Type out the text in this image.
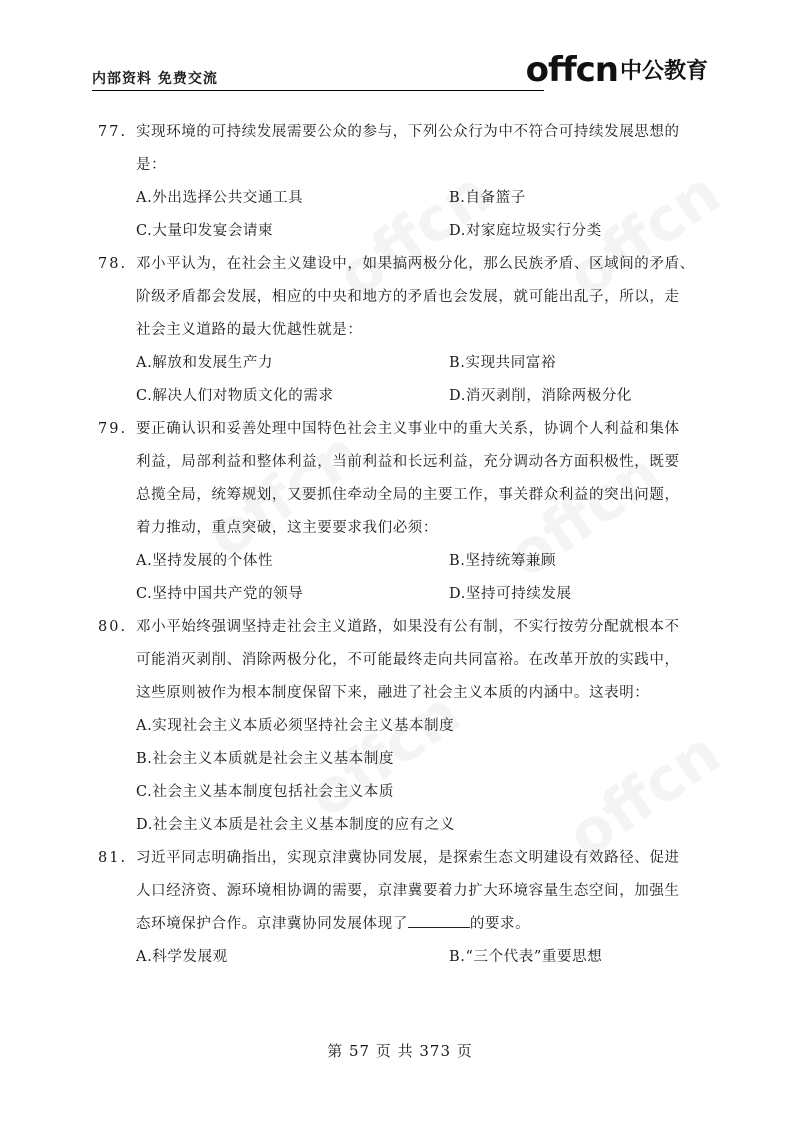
内部资料 免费交流	offcn 中公教育
77. 实现环境的可持续发展需要公众的参与，下列公众行为中不符合可持续发展思想的
是：
A.外出选择公共交通工具	B.自备篮子
C.大量印发宴会请柬	D.对家庭垃圾实行分类
78. 邓小平认为，在社会主义建设中，如果搞两极分化，那么民族矛盾、区域间的矛盾、
阶级矛盾都会发展，相应的中央和地方的矛盾也会发展，就可能出乱子，所以，走
社会主义道路的最大优越性就是：
A.解放和发展生产力	B.实现共同富裕
C.解决人们对物质文化的需求	D.消灭剥削，消除两极分化
79. 要正确认识和妥善处理中国特色社会主义事业中的重大关系，协调个人利益和集体
利益，局部利益和整体利益，当前利益和长远利益，充分调动各方面积极性，既要
总揽全局，统筹规划，又要抓住牵动全局的主要工作，事关群众利益的突出问题，
着力推动，重点突破，这主要要求我们必须：
A.坚持发展的个体性	B.坚持统筹兼顾
C.坚持中国共产党的领导	D.坚持可持续发展
80. 邓小平始终强调坚持走社会主义道路，如果没有公有制，不实行按劳分配就根本不
可能消灭剥削、消除两极分化，不可能最终走向共同富裕。在改革开放的实践中，
这些原则被作为根本制度保留下来，融进了社会主义本质的内涵中。这表明：
A.实现社会主义本质必须坚持社会主义基本制度
B.社会主义本质就是社会主义基本制度
C.社会主义基本制度包括社会主义本质
D.社会主义本质是社会主义基本制度的应有之义
81. 习近平同志明确指出，实现京津冀协同发展，是探索生态文明建设有效路径、促进
人口经济资、源环境相协调的需要，京津冀要着力扩大环境容量生态空间，加强生
态环境保护合作。京津冀协同发展体现了	的要求。
A.科学发展观	B.“三个代表”重要思想
第 57 页 共 373 页
